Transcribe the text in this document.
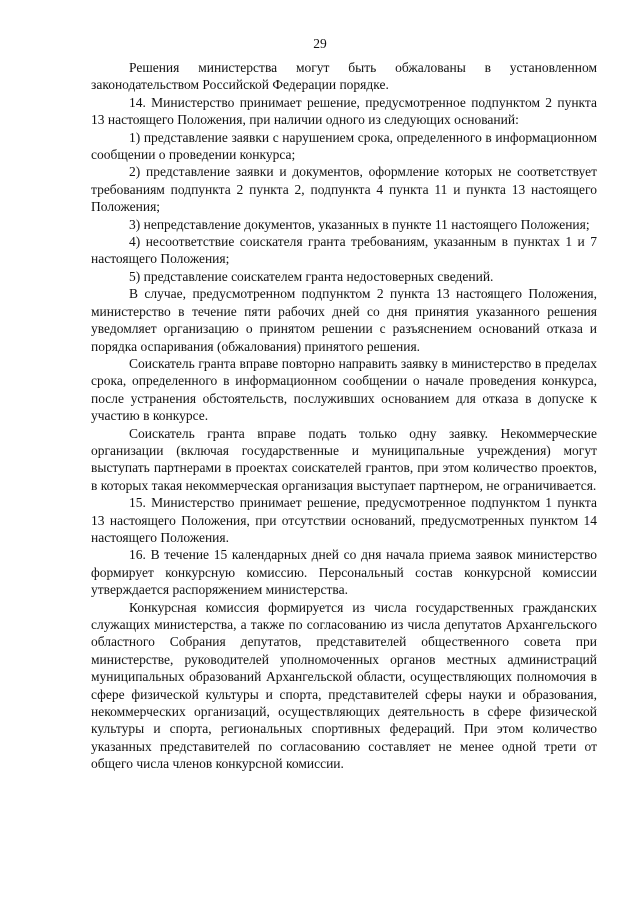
29

Решения министерства могут быть обжалованы в установленном законодательством Российской Федерации порядке.

14. Министерство принимает решение, предусмотренное подпунктом 2 пункта 13 настоящего Положения, при наличии одного из следующих оснований:

1) представление заявки с нарушением срока, определенного в информационном сообщении о проведении конкурса;

2) представление заявки и документов, оформление которых не соответствует требованиям подпункта 2 пункта 2, подпункта 4 пункта 11 и пункта 13 настоящего Положения;

3) непредставление документов, указанных в пункте 11 настоящего Положения;

4) несоответствие соискателя гранта требованиям, указанным в пунктах 1 и 7 настоящего Положения;

5) представление соискателем гранта недостоверных сведений.

В случае, предусмотренном подпунктом 2 пункта 13 настоящего Положения, министерство в течение пяти рабочих дней со дня принятия указанного решения уведомляет организацию о принятом решении с разъяснением оснований отказа и порядка оспаривания (обжалования) принятого решения.

Соискатель гранта вправе повторно направить заявку в министерство в пределах срока, определенного в информационном сообщении о начале проведения конкурса, после устранения обстоятельств, послуживших основанием для отказа в допуске к участию в конкурсе.

Соискатель гранта вправе подать только одну заявку. Некоммерческие организации (включая государственные и муниципальные учреждения) могут выступать партнерами в проектах соискателей грантов, при этом количество проектов, в которых такая некоммерческая организация выступает партнером, не ограничивается.

15. Министерство принимает решение, предусмотренное подпунктом 1 пункта 13 настоящего Положения, при отсутствии оснований, предусмотренных пунктом 14 настоящего Положения.

16. В течение 15 календарных дней со дня начала приема заявок министерство формирует конкурсную комиссию. Персональный состав конкурсной комиссии утверждается распоряжением министерства.

Конкурсная комиссия формируется из числа государственных гражданских служащих министерства, а также по согласованию из числа депутатов Архангельского областного Собрания депутатов, представителей общественного совета при министерстве, руководителей уполномоченных органов местных администраций муниципальных образований Архангельской области, осуществляющих полномочия в сфере физической культуры и спорта, представителей сферы науки и образования, некоммерческих организаций, осуществляющих деятельность в сфере физической культуры и спорта, региональных спортивных федераций. При этом количество указанных представителей по согласованию составляет не менее одной трети от общего числа членов конкурсной комиссии.
